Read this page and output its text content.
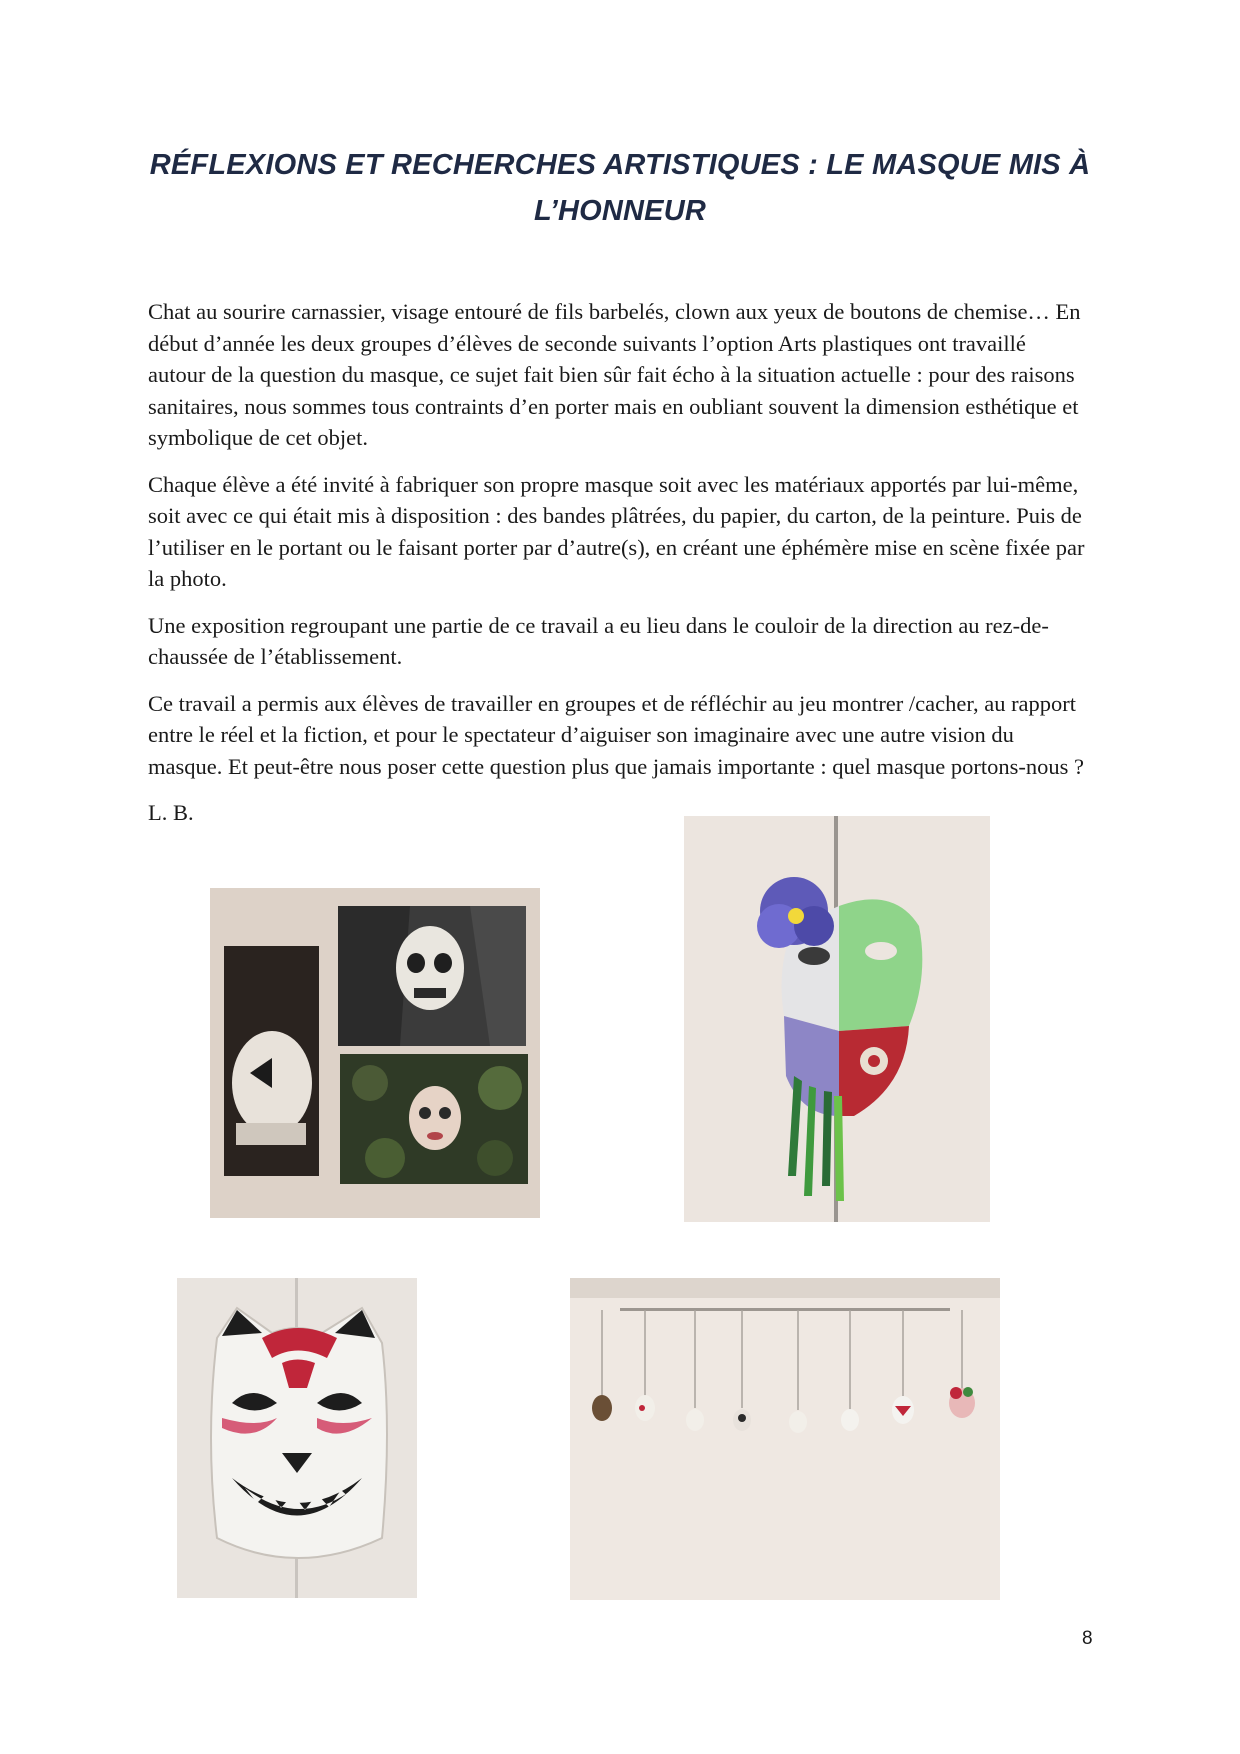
RÉFLEXIONS ET RECHERCHES ARTISTIQUES : LE MASQUE MIS À L’HONNEUR

Chat au sourire carnassier, visage entouré de fils barbelés, clown aux yeux de boutons de chemise… En début d’année les deux groupes d’élèves de seconde suivants l’option Arts plastiques ont travaillé autour de la question du masque, ce sujet fait bien sûr fait écho à la situation actuelle : pour des raisons sanitaires, nous sommes tous contraints d’en porter mais en oubliant souvent la dimension esthétique et symbolique de cet objet.

Chaque élève a été invité à fabriquer son propre masque soit avec les matériaux apportés par lui-même, soit avec ce qui était mis à disposition : des bandes plâtrées, du papier, du carton, de la peinture. Puis de l’utiliser en le portant ou le faisant porter par d’autre(s), en créant une éphémère mise en scène fixée par la photo.

Une exposition regroupant une partie de ce travail a eu lieu dans le couloir de la direction au rez-de-chaussée de l’établissement.

Ce travail a permis aux élèves de travailler en groupes et de réfléchir au jeu montrer /cacher, au rapport entre le réel et la fiction, et pour le spectateur d’aiguiser son imaginaire avec une autre vision du masque. Et peut-être nous poser cette question plus que jamais importante : quel masque portons-nous ?

L. B.

8
